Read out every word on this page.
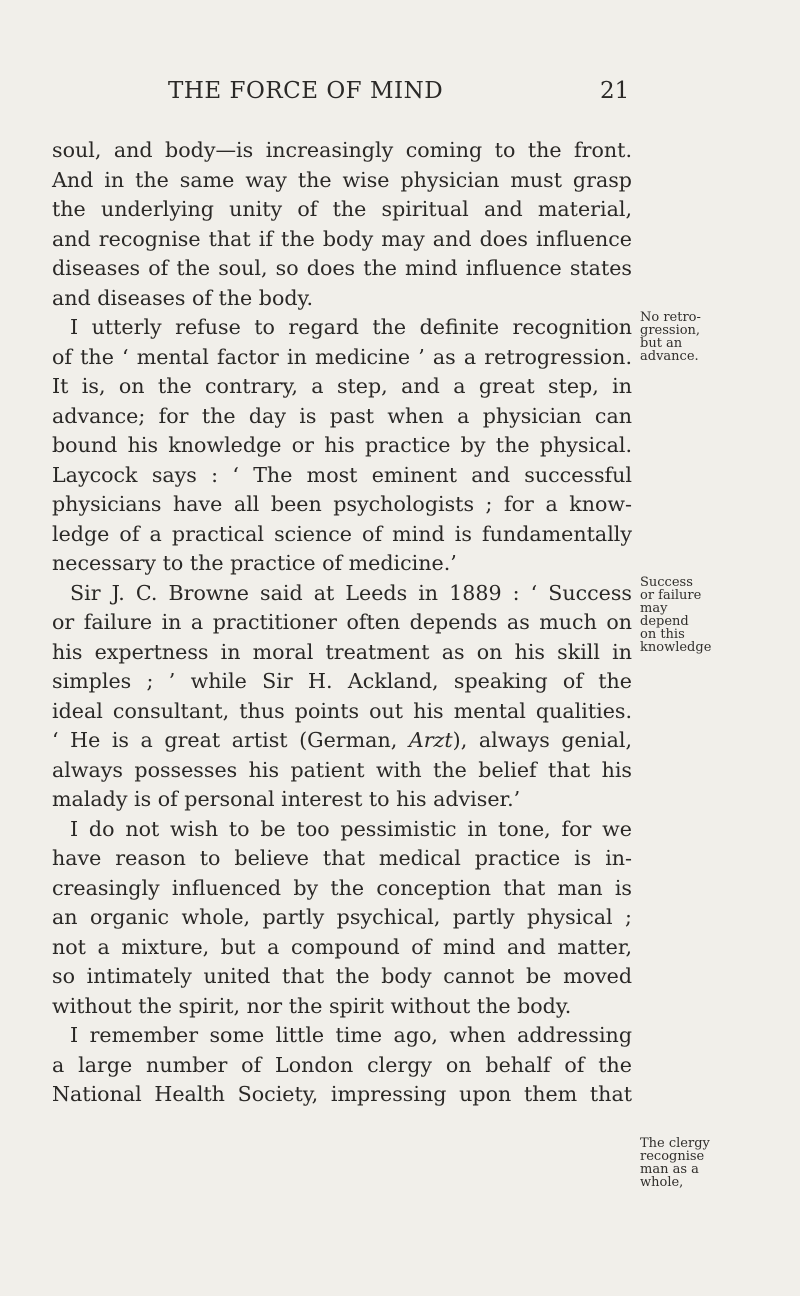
THE FORCE OF MIND	21
soul, and body—is increasingly coming to the front.
And in the same way the wise physician must grasp
the underlying unity of the spiritual and material,
and recognise that if the body may and does influence
diseases of the soul, so does the mind influence states
and diseases of the body.
I utterly refuse to regard the definite recognition
of the ‘ mental factor in medicine ’ as a retrogression.
It is, on the contrary, a step, and a great step, in
advance; for the day is past when a physician can
bound his knowledge or his practice by the physical.
Laycock says : ‘ The most eminent and successful
physicians have all been psychologists ; for a know-
ledge of a practical science of mind is fundamentally
necessary to the practice of medicine.’
Sir J. C. Browne said at Leeds in 1889 : ‘ Success
or failure in a practitioner often depends as much on
his expertness in moral treatment as on his skill in
simples ; ’ while Sir H. Ackland, speaking of the
ideal consultant, thus points out his mental qualities.
‘ He is a great artist (German, Arzt), always genial,
always possesses his patient with the belief that his
malady is of personal interest to his adviser.’
I do not wish to be too pessimistic in tone, for we
have reason to believe that medical practice is in-
creasingly influenced by the conception that man is
an organic whole, partly psychical, partly physical ;
not a mixture, but a compound of mind and matter,
so intimately united that the body cannot be moved
without the spirit, nor the spirit without the body.
I remember some little time ago, when addressing
a large number of London clergy on behalf of the
National Health Society, impressing upon them that
No retro-
gression,
but an
advance.
Success
or failure
may
depend
on this
knowledge
The clergy
recognise
man as a
whole,
